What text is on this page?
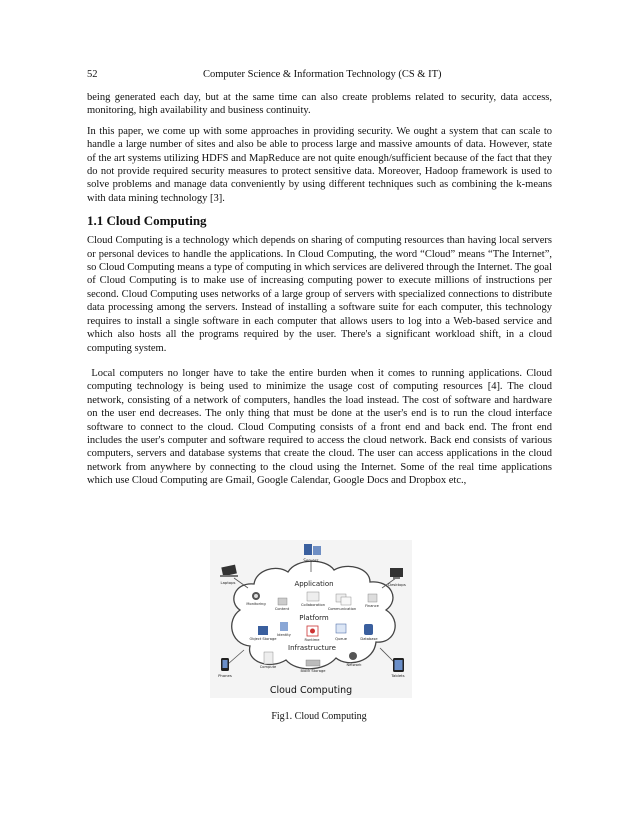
52	Computer Science & Information Technology (CS & IT)

being generated each day, but at the same time can also create problems related to security, data access, monitoring, high availability and business continuity.

In this paper, we come up with some approaches in providing security. We ought a system that can scale to handle a large number of sites and also be able to process large and massive amounts of data. However, state of the art systems utilizing HDFS and MapReduce are not quite enough/sufficient because of the fact that they do not provide required security measures to protect sensitive data. Moreover, Hadoop framework is used to solve problems and manage data conveniently by using different techniques such as combining the k-means with data mining technology [3].

1.1 Cloud Computing

Cloud Computing is a technology which depends on sharing of computing resources than having local servers or personal devices to handle the applications. In Cloud Computing, the word “Cloud” means “The Internet”, so Cloud Computing means a type of computing in which services are delivered through the Internet. The goal of Cloud Computing is to make use of increasing computing power to execute millions of instructions per second. Cloud Computing uses networks of a large group of servers with specialized connections to distribute data processing among the servers. Instead of installing a software suite for each computer, this technology requires to install a single software in each computer that allows users to log into a Web-based service and which also hosts all the programs required by the user. There's a significant workload shift, in a cloud computing system.

Local computers no longer have to take the entire burden when it comes to running applications. Cloud computing technology is being used to minimize the usage cost of computing resources [4]. The cloud network, consisting of a network of computers, handles the load instead. The cost of software and hardware on the user end decreases. The only thing that must be done at the user's end is to run the cloud interface software to connect to the cloud. Cloud Computing consists of a front end and back end. The front end includes the user's computer and software required to access the cloud network. Back end consists of various computers, servers and database systems that create the cloud. The user can access applications in the cloud network from anywhere by connecting to the cloud using the Internet. Some of the real time applications which use Cloud Computing are Gmail, Google Calendar, Google Docs and Dropbox etc.,

Servers
Laptops	Desktops
Phones	Tablets
Application
Monitoring
Content
Collaboration
Communication
Finance
Platform
Identity
Object Storage	Runtime	Queue	Database
Infrastructure
Compute
Block Storage
Network
Cloud Computing
Fig1. Cloud Computing
